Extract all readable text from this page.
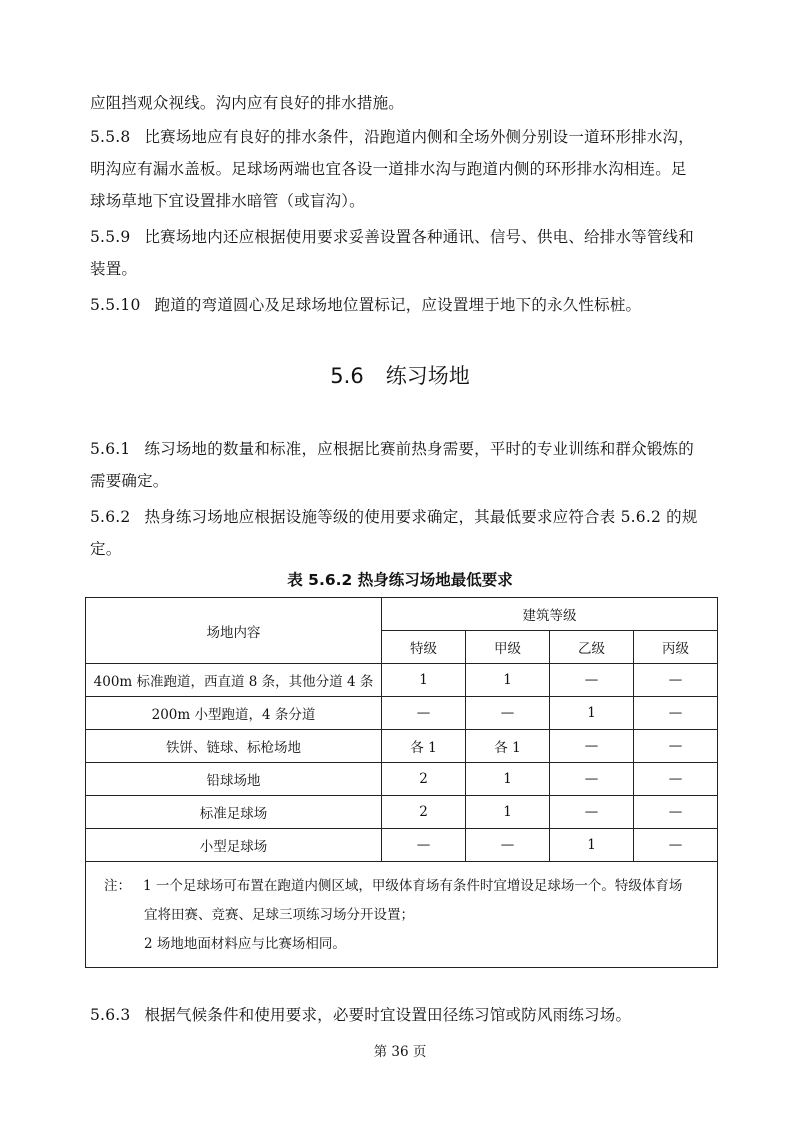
应阻挡观众视线。沟内应有良好的排水措施。
5.5.8 比赛场地应有良好的排水条件，沿跑道内侧和全场外侧分别设一道环形排水沟，
明沟应有漏水盖板。足球场两端也宜各设一道排水沟与跑道内侧的环形排水沟相连。足
球场草地下宜设置排水暗管（或盲沟）。
5.5.9 比赛场地内还应根据使用要求妥善设置各种通讯、信号、供电、给排水等管线和
装置。
5.5.10 跑道的弯道圆心及足球场地位置标记，应设置埋于地下的永久性标桩。
5.6 练习场地
5.6.1 练习场地的数量和标准，应根据比赛前热身需要，平时的专业训练和群众锻炼的
需要确定。
5.6.2 热身练习场地应根据设施等级的使用要求确定，其最低要求应符合表 5.6.2 的规
定。
表 5.6.2 热身练习场地最低要求
场地内容	建筑等级			
	特级	甲级	乙级	丙级
400m 标准跑道，西直道 8 条，其他分道 4 条	1	1	—	—
200m 小型跑道，4 条分道	—	—	1	—
铁饼、链球、标枪场地	各 1	各 1	—	—
铅球场地	2	1	—	—
标准足球场	2	1	—	—
小型足球场	—	—	1	—

注： 1 一个足球场可布置在跑道内侧区域，甲级体育场有条件时宜增设足球场一个。特级体育场
宜将田赛、竞赛、足球三项练习场分开设置；
2 场地地面材料应与比赛场相同。				
5.6.3 根据气候条件和使用要求，必要时宜设置田径练习馆或防风雨练习场。
第 36 页
